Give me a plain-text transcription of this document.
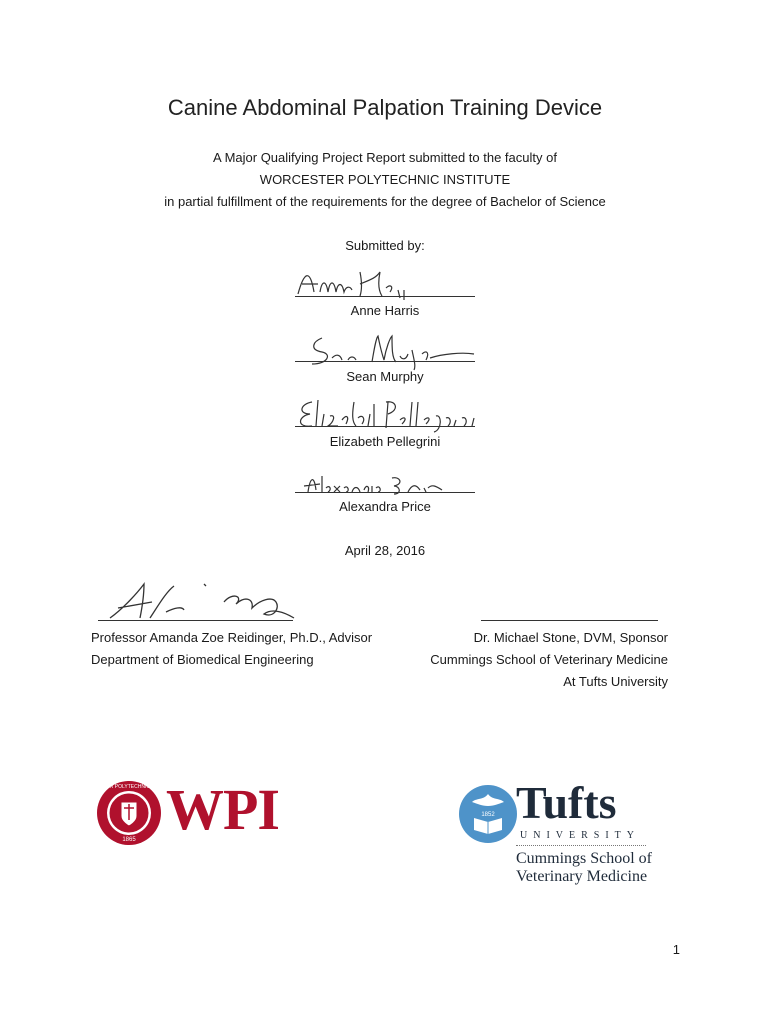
Canine Abdominal Palpation Training Device
A Major Qualifying Project Report submitted to the faculty of
WORCESTER POLYTECHNIC INSTITUTE
in partial fulfillment of the requirements for the degree of Bachelor of Science
Submitted by:
Anne Harris
Sean Murphy
Elizabeth Pellegrini
Alexandra Price
April 28, 2016
Professor Amanda Zoe Reidinger, Ph.D., Advisor
Department of Biomedical Engineering
Dr. Michael Stone, DVM, Sponsor
Cummings School of Veterinary Medicine
At Tufts University
WORCESTER POLYTECHNIC INSTITUTE
1865 WPI	1852 Tufts
UNIVERSITY
Cummings School of
Veterinary Medicine
1
